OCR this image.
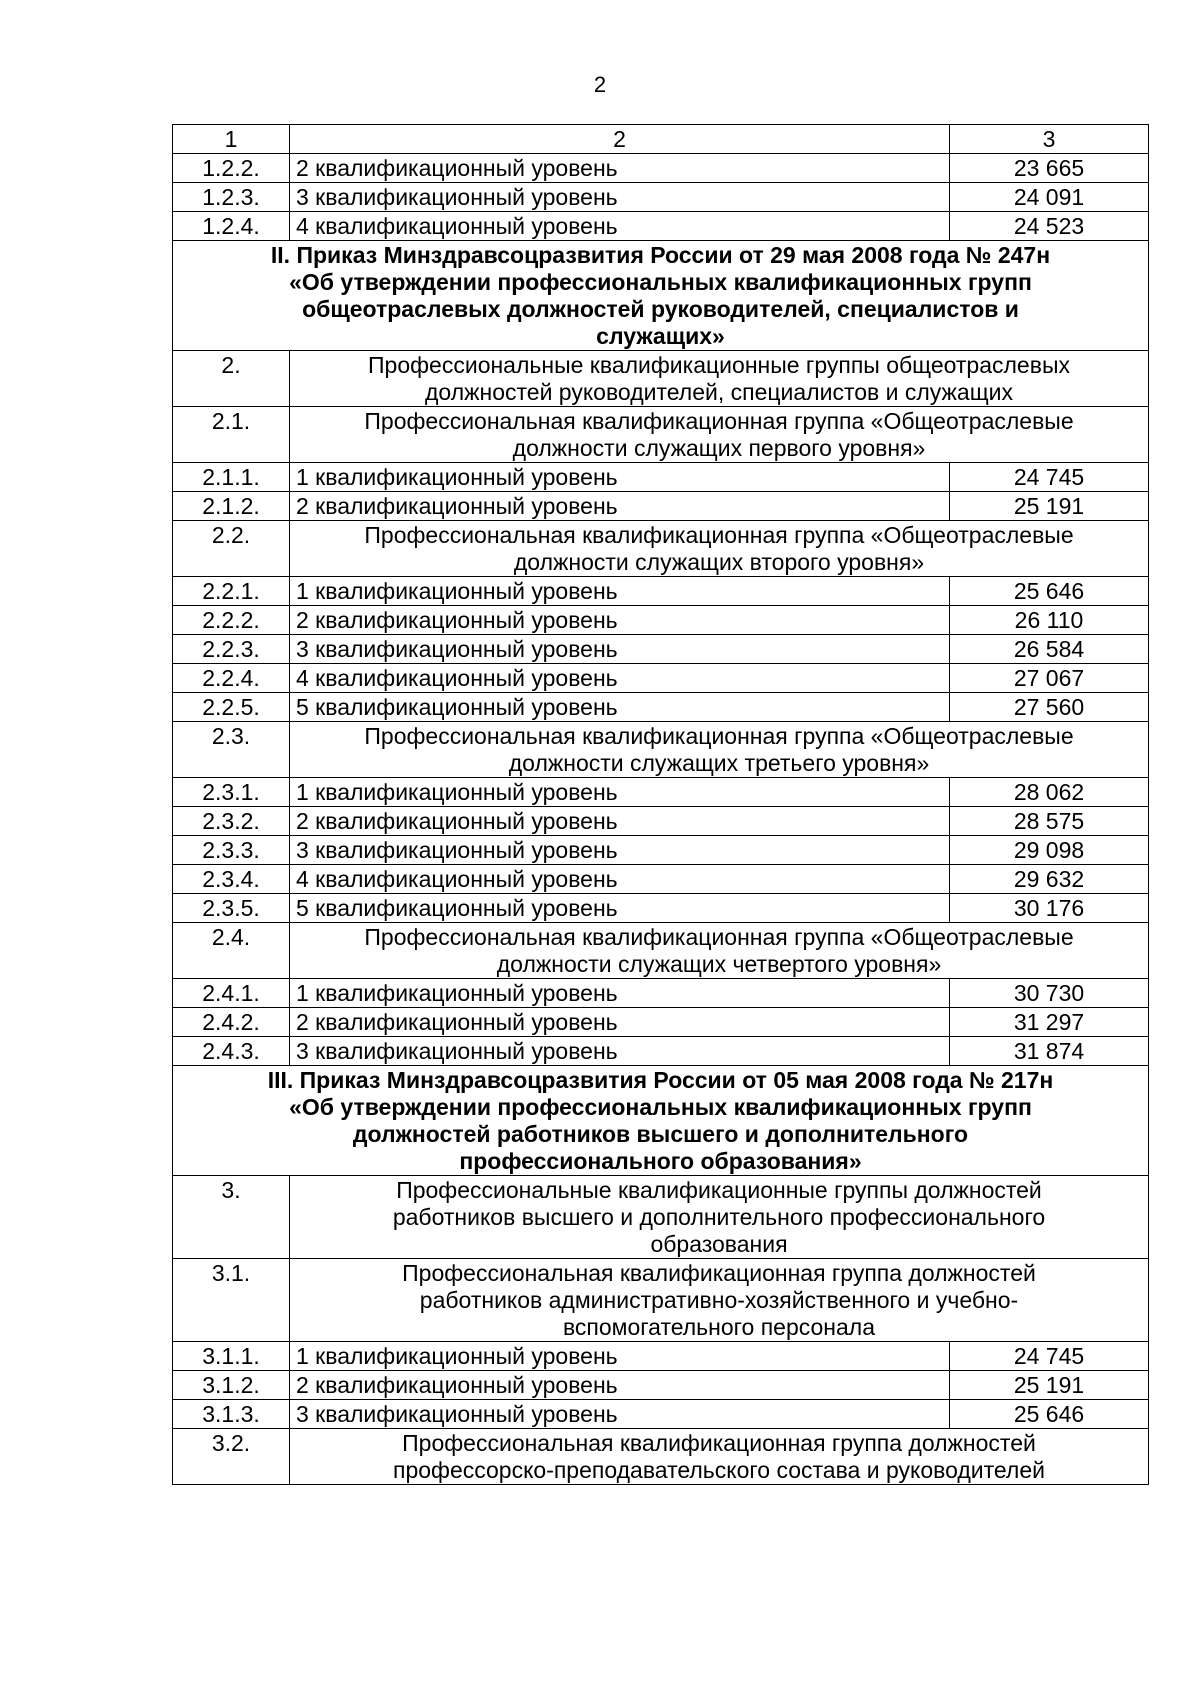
2
1	2	3
1.2.2.	2 квалификационный уровень	23 665
1.2.3.	3 квалификационный уровень	24 091
1.2.4.	4 квалификационный уровень	24 523

II. Приказ Минздравсоцразвития России от 29 мая 2008 года № 247н
«Об утверждении профессиональных квалификационных групп
общеотраслевых должностей руководителей, специалистов и
служащих»		

2.	Профессиональные квалификационные группы общеотраслевых
должностей руководителей, специалистов и служащих	

2.1.	Профессиональная квалификационная группа «Общеотраслевые
должности служащих первого уровня»	

2.1.1.	1 квалификационный уровень	24 745
2.1.2.	2 квалификационный уровень	25 191
2.2.	Профессиональная квалификационная группа «Общеотраслевые
должности служащих второго уровня»	

2.2.1.	1 квалификационный уровень	25 646
2.2.2.	2 квалификационный уровень	26 110
2.2.3.	3 квалификационный уровень	26 584
2.2.4.	4 квалификационный уровень	27 067
2.2.5.	5 квалификационный уровень	27 560
2.3.	Профессиональная квалификационная группа «Общеотраслевые
должности служащих третьего уровня»	

2.3.1.	1 квалификационный уровень	28 062
2.3.2.	2 квалификационный уровень	28 575
2.3.3.	3 квалификационный уровень	29 098
2.3.4.	4 квалификационный уровень	29 632
2.3.5.	5 квалификационный уровень	30 176
2.4.	Профессиональная квалификационная группа «Общеотраслевые
должности служащих четвертого уровня»	

2.4.1.	1 квалификационный уровень	30 730
2.4.2.	2 квалификационный уровень	31 297
2.4.3.	3 квалификационный уровень	31 874

III. Приказ Минздравсоцразвития России от 05 мая 2008 года № 217н
«Об утверждении профессиональных квалификационных групп
должностей работников высшего и дополнительного
профессионального образования»		

3.	Профессиональные квалификационные группы должностей
работников высшего и дополнительного профессионального
образования	

3.1.	Профессиональная квалификационная группа должностей
работников административно-хозяйственного и учебно-
вспомогательного персонала	

3.1.1.	1 квалификационный уровень	24 745
3.1.2.	2 квалификационный уровень	25 191
3.1.3.	3 квалификационный уровень	25 646
3.2.	Профессиональная квалификационная группа должностей
профессорско-преподавательского состава и руководителей	
